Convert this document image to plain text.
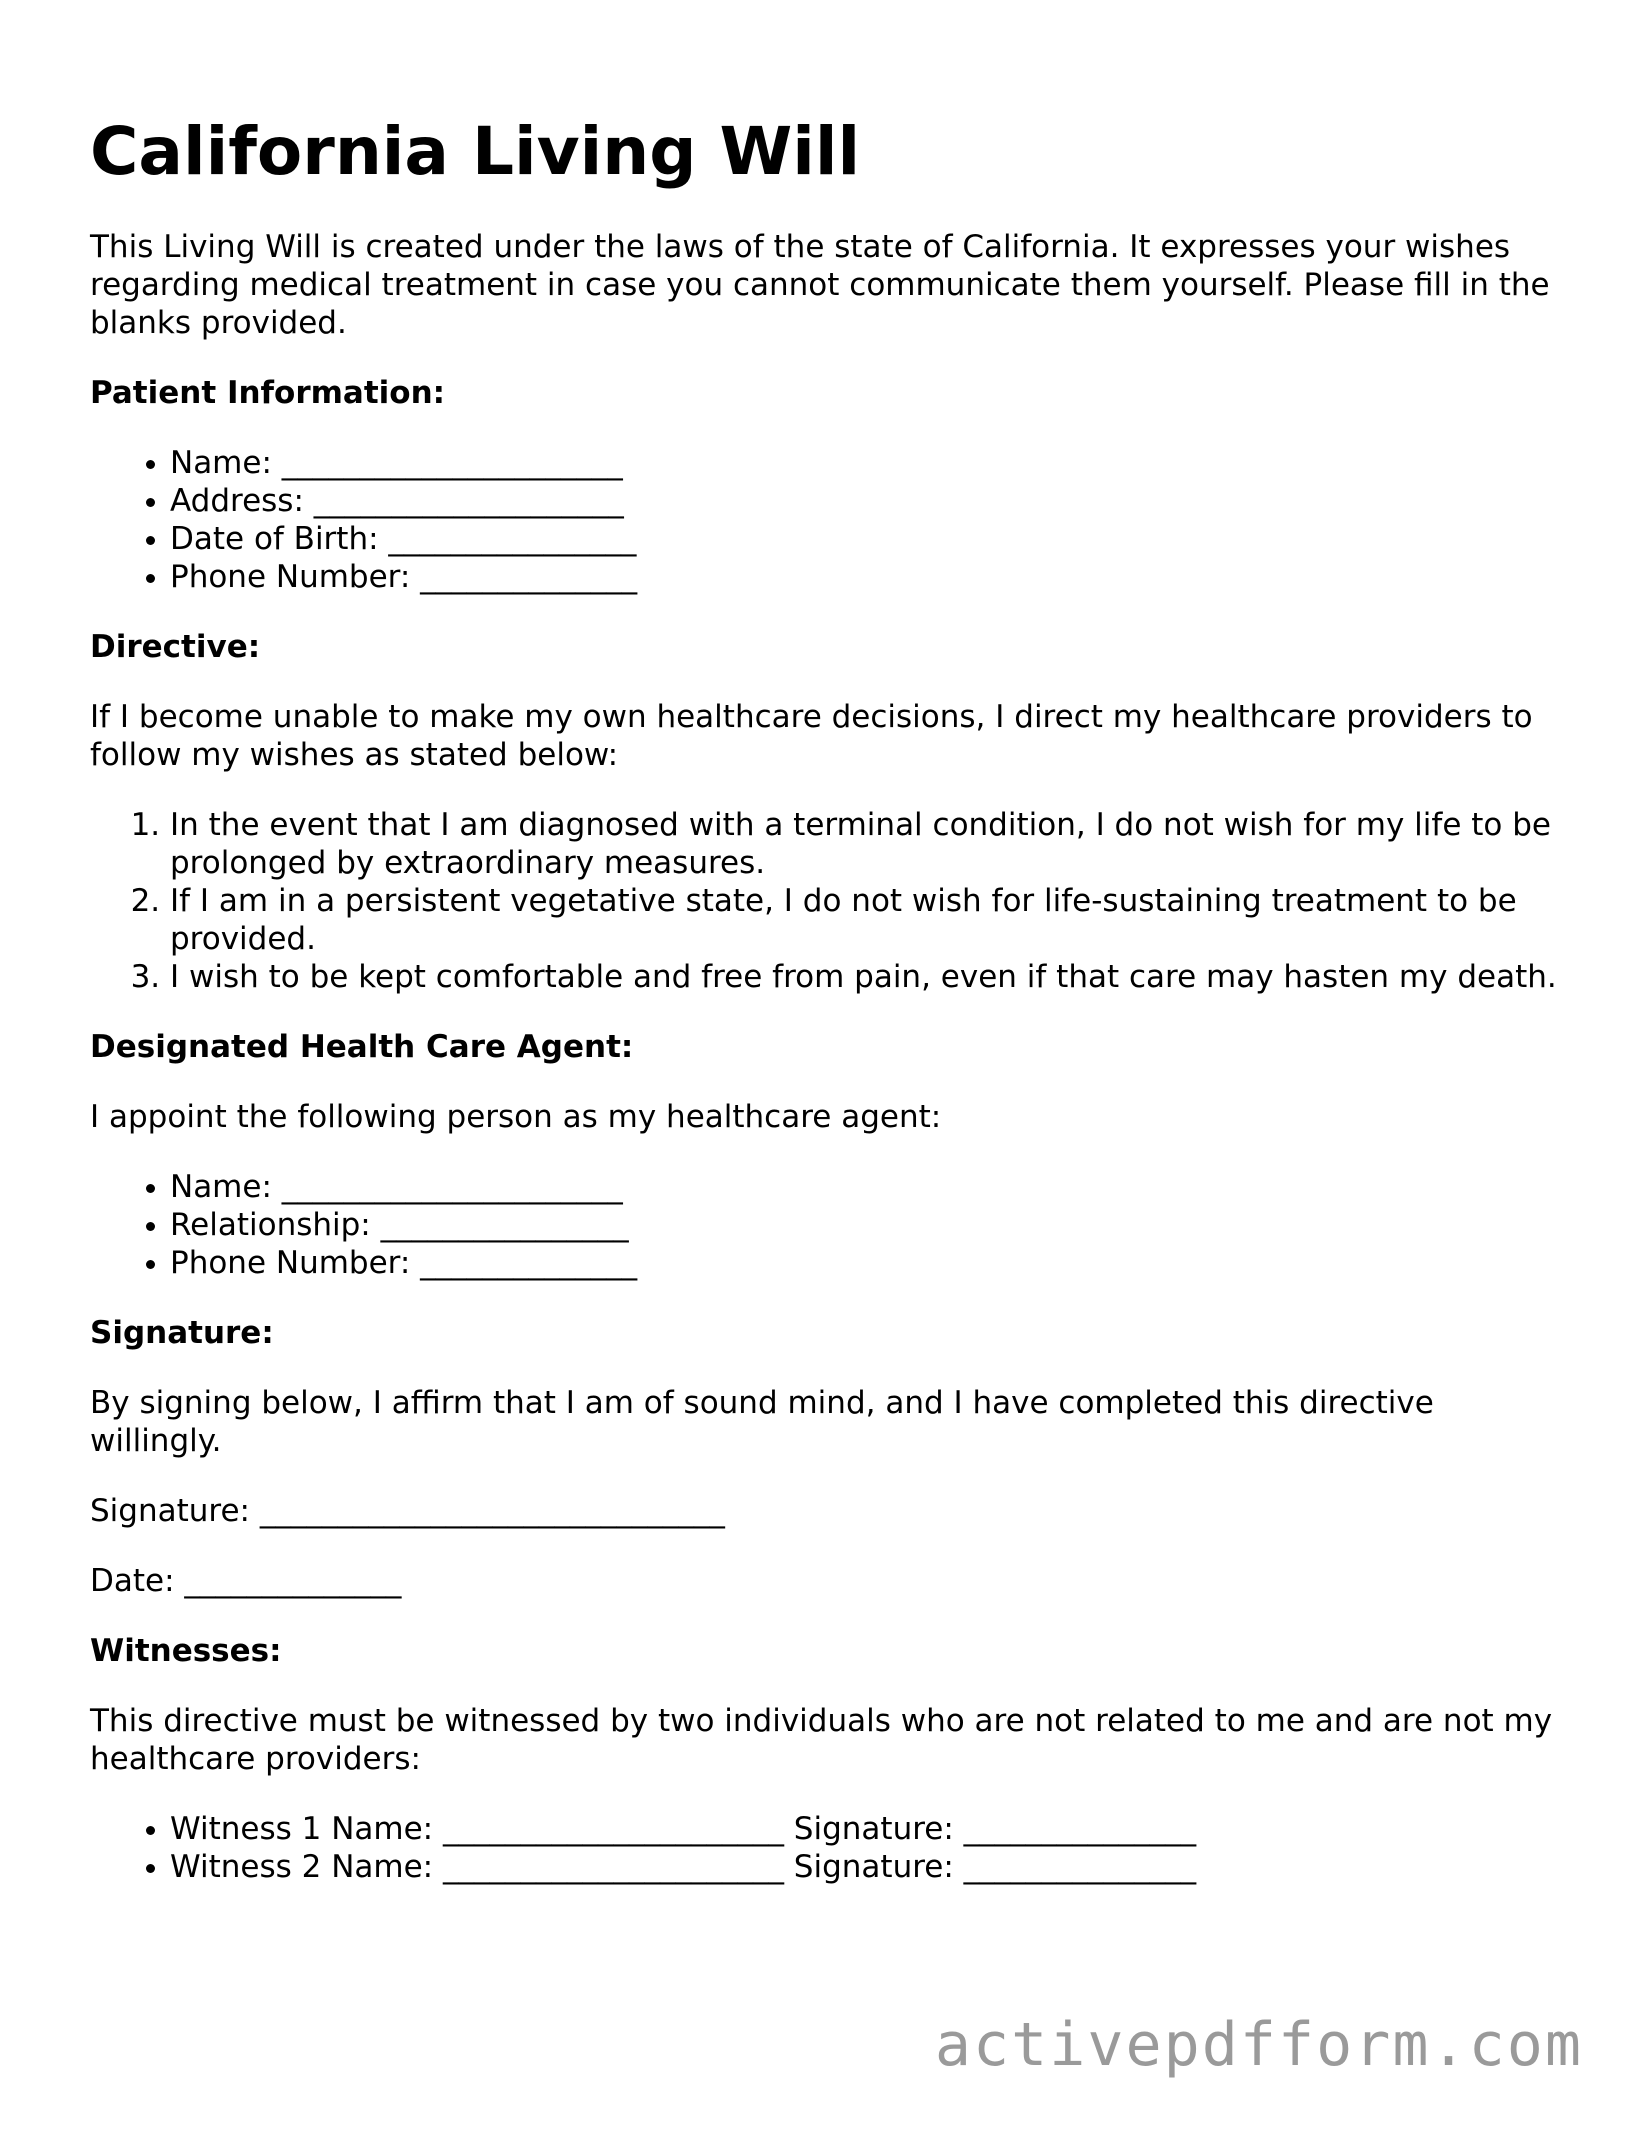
California Living Will

This Living Will is created under the laws of the state of California. It expresses your wishes regarding medical treatment in case you cannot communicate them yourself. Please fill in the blanks provided.

Patient Information:
• Name: ______________________
• Address: ____________________
• Date of Birth: ________________
• Phone Number: ______________
Directive:

If I become unable to make my own healthcare decisions, I direct my healthcare providers to follow my wishes as stated below:

1. In the event that I am diagnosed with a terminal condition, I do not wish for my life to be prolonged by extraordinary measures.
2. If I am in a persistent vegetative state, I do not wish for life-sustaining treatment to be provided.
3. I wish to be kept comfortable and free from pain, even if that care may hasten my death.
Designated Health Care Agent:

I appoint the following person as my healthcare agent:

• Name: ______________________
• Relationship: ________________
• Phone Number: ______________
Signature:

By signing below, I affirm that I am of sound mind, and I have completed this directive willingly.

Signature: ______________________________

Date: ______________

Witnesses:

This directive must be witnessed by two individuals who are not related to me and are not my healthcare providers:

• Witness 1 Name: ______________________ Signature: _______________
• Witness 2 Name: ______________________ Signature: _______________
activepdfform.com
